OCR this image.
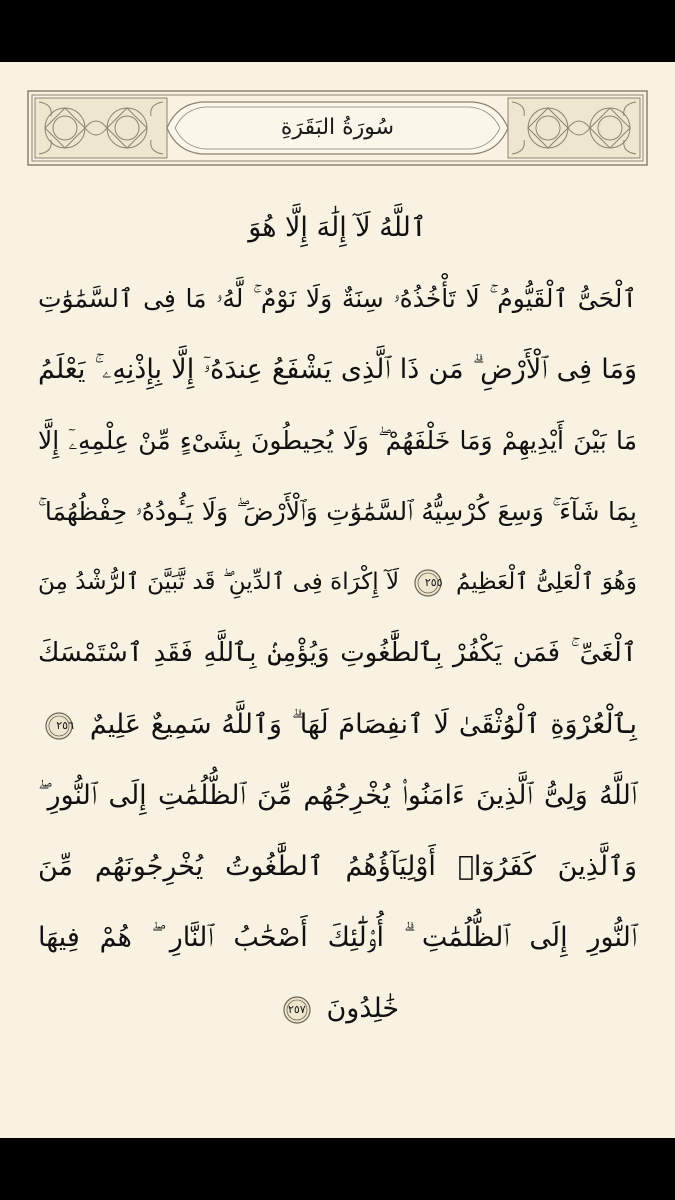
سُورَةُ البَقَرَةِ
ٱللَّهُ لَآ إِلَٰهَ إِلَّا هُوَ
ٱلْحَىُّ ٱلْقَيُّومُ ۚ لَا تَأْخُذُهُۥ سِنَةٌ وَلَا نَوْمٌ ۚ لَّهُۥ مَا فِى ٱلسَّمَٰوَٰتِ
وَمَا فِى ٱلْأَرْضِ ۗ مَن ذَا ٱلَّذِى يَشْفَعُ عِندَهُۥٓ إِلَّا بِإِذْنِهِۦ ۚ يَعْلَمُ
مَا بَيْنَ أَيْدِيهِمْ وَمَا خَلْفَهُمْ ۖ وَلَا يُحِيطُونَ بِشَىْءٍ مِّنْ عِلْمِهِۦٓ إِلَّا
بِمَا شَآءَ ۚ وَسِعَ كُرْسِيُّهُ ٱلسَّمَٰوَٰتِ وَٱلْأَرْضَ ۖ وَلَا يَـُٔودُهُۥ حِفْظُهُمَا ۚ
وَهُوَ ٱلْعَلِىُّ ٱلْعَظِيمُ
٢٥٥
لَآ إِكْرَاهَ فِى ٱلدِّينِ ۖ قَد تَّبَيَّنَ ٱلرُّشْدُ مِنَ
ٱلْغَىِّ ۚ فَمَن يَكْفُرْ بِٱلطَّٰغُوتِ وَيُؤْمِنۢ بِٱللَّهِ فَقَدِ ٱسْتَمْسَكَ
بِٱلْعُرْوَةِ ٱلْوُثْقَىٰ لَا ٱنفِصَامَ لَهَا ۗ وَٱللَّهُ سَمِيعٌ عَلِيمٌ
٢٥٦
ٱللَّهُ وَلِىُّ ٱلَّذِينَ ءَامَنُوا۟ يُخْرِجُهُم مِّنَ ٱلظُّلُمَٰتِ إِلَى ٱلنُّورِ ۖ
وَٱلَّذِينَ كَفَرُوٓا۟ أَوْلِيَآؤُهُمُ ٱلطَّٰغُوتُ يُخْرِجُونَهُم مِّنَ
ٱلنُّورِ إِلَى ٱلظُّلُمَٰتِ ۗ أُو۟لَٰٓئِكَ أَصْحَٰبُ ٱلنَّارِ ۖ هُمْ فِيهَا
خَٰلِدُونَ
٢٥٧
